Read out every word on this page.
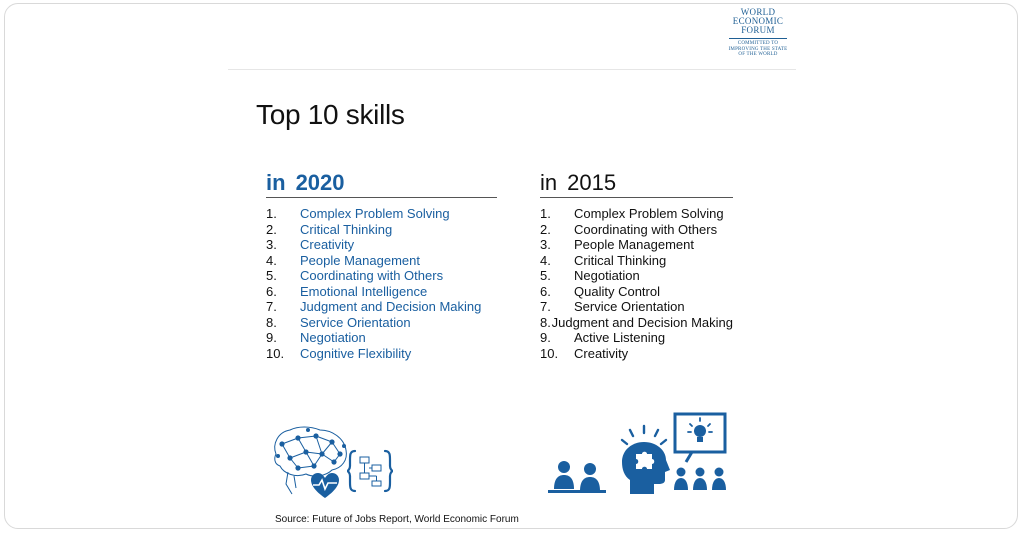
WORLD
ECONOMIC
FORUM
COMMITTED TO
IMPROVING THE STATE
OF THE WORLD
Top 10 skills
in 2020
1.	Complex Problem Solving
2.	Critical Thinking
3.	Creativity
4.	People Management
5.	Coordinating with Others
6.	Emotional Intelligence
7.	Judgment and Decision Making
8.	Service Orientation
9.	Negotiation
10.	Cognitive Flexibility
in 2015
1.	Complex Problem Solving
2.	Coordinating with Others
3.	People Management
4.	Critical Thinking
5.	Negotiation
6.	Quality Control
7.	Service Orientation
8. Judgment and Decision Making
9.	Active Listening
10.	Creativity
Source: Future of Jobs Report, World Economic Forum
